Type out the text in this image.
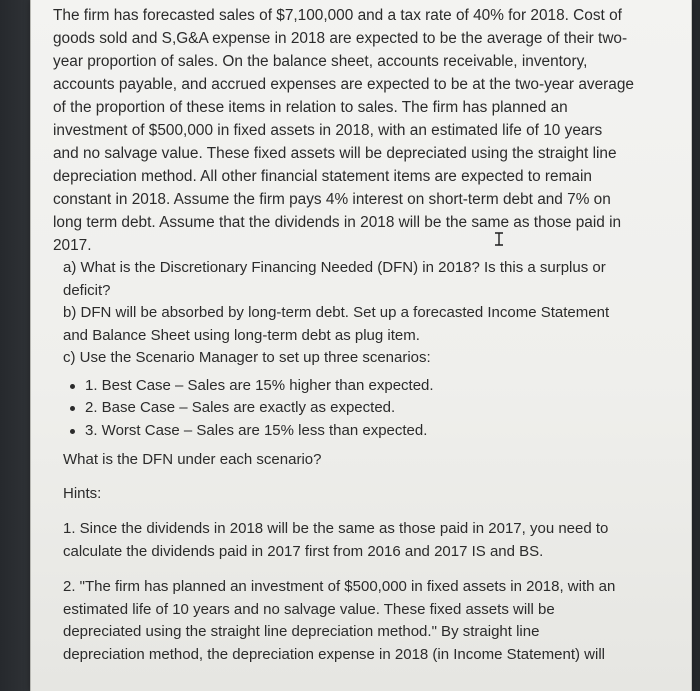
The firm has forecasted sales of $7,100,000 and a tax rate of 40% for 2018. Cost of

goods sold and S,G&A expense in 2018 are expected to be the average of their two-

year proportion of sales. On the balance sheet, accounts receivable, inventory,

accounts payable, and accrued expenses are expected to be at the two-year average

of the proportion of these items in relation to sales. The firm has planned an

investment of $500,000 in fixed assets in 2018, with an estimated life of 10 years

and no salvage value. These fixed assets will be depreciated using the straight line

depreciation method. All other financial statement items are expected to remain

constant in 2018. Assume the firm pays 4% interest on short-term debt and 7% on

long term debt. Assume that the dividends in 2018 will be the same as those paid in

2017.

a) What is the Discretionary Financing Needed (DFN) in 2018? Is this a surplus or

deficit?

b) DFN will be absorbed by long-term debt. Set up a forecasted Income Statement

and Balance Sheet using long-term debt as plug item.

c) Use the Scenario Manager to set up three scenarios:

1. Best Case – Sales are 15% higher than expected.
2. Base Case – Sales are exactly as expected.
3. Worst Case – Sales are 15% less than expected.
What is the DFN under each scenario?
Hints:

1. Since the dividends in 2018 will be the same as those paid in 2017, you need to

calculate the dividends paid in 2017 first from 2016 and 2017 IS and BS.

2. "The firm has planned an investment of $500,000 in fixed assets in 2018, with an

estimated life of 10 years and no salvage value. These fixed assets will be

depreciated using the straight line depreciation method." By straight line

depreciation method, the depreciation expense in 2018 (in Income Statement) will
